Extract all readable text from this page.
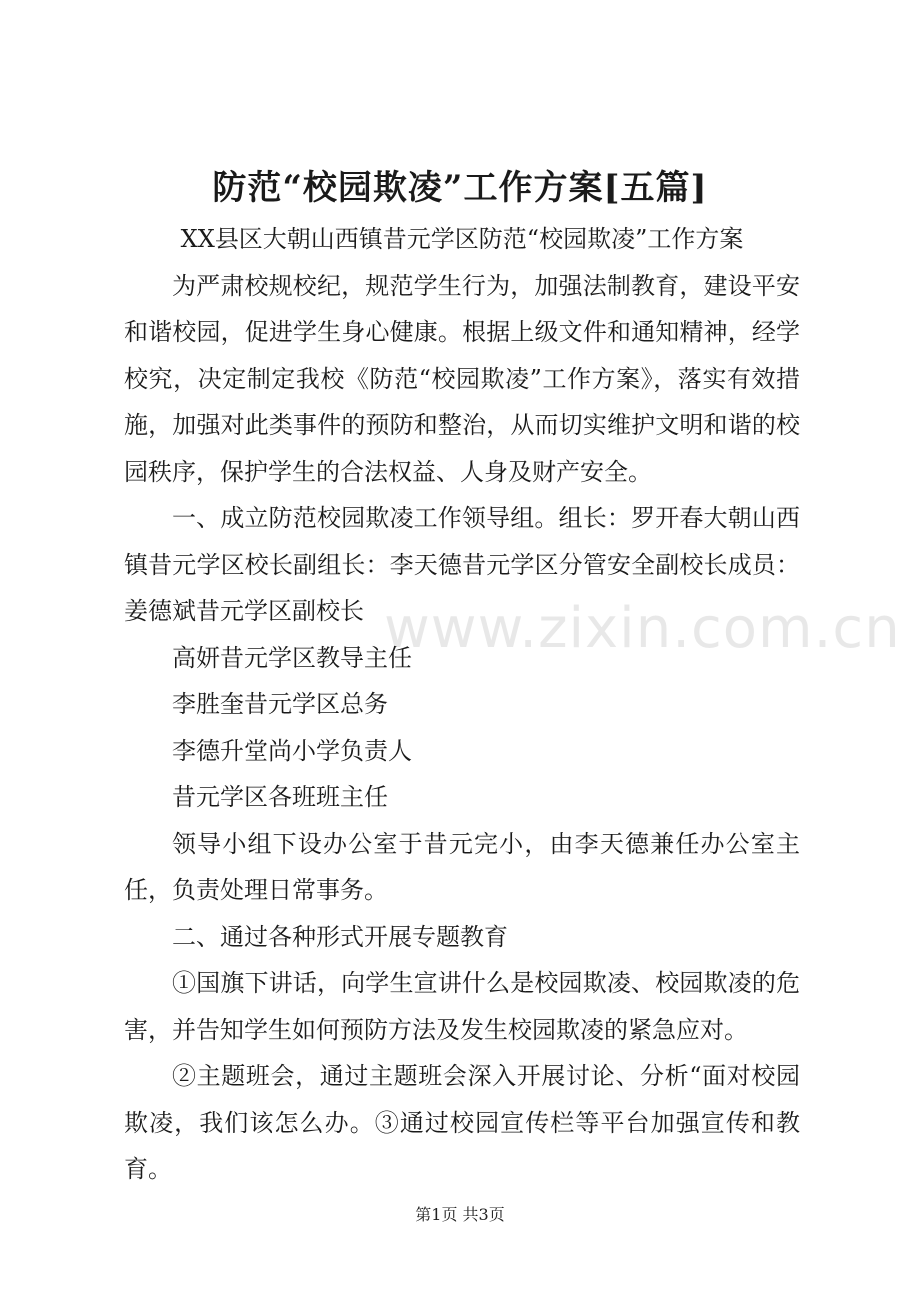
防范“校园欺凌”工作方案[五篇]

XX县区大朝山西镇昔元学区防范“校园欺凌”工作方案

为严肃校规校纪，规范学生行为，加强法制教育，建设平安和谐校园，促进学生身心健康。根据上级文件和通知精神，经学校究，决定制定我校《防范“校园欺凌”工作方案》，落实有效措施，加强对此类事件的预防和整治，从而切实维护文明和谐的校园秩序，保护学生的合法权益、人身及财产安全。

一、成立防范校园欺凌工作领导组。组长：罗开春大朝山西镇昔元学区校长副组长：李天德昔元学区分管安全副校长成员：姜德斌昔元学区副校长

高妍昔元学区教导主任

李胜奎昔元学区总务

李德升堂尚小学负责人

昔元学区各班班主任

领导小组下设办公室于昔元完小，由李天德兼任办公室主任，负责处理日常事务。

二、通过各种形式开展专题教育

①国旗下讲话，向学生宣讲什么是校园欺凌、校园欺凌的危害，并告知学生如何预防方法及发生校园欺凌的紧急应对。

②主题班会，通过主题班会深入开展讨论、分析“面对校园欺凌，我们该怎么办。③通过校园宣传栏等平台加强宣传和教育。

www.zixin.com.cn
第1页 共3页
